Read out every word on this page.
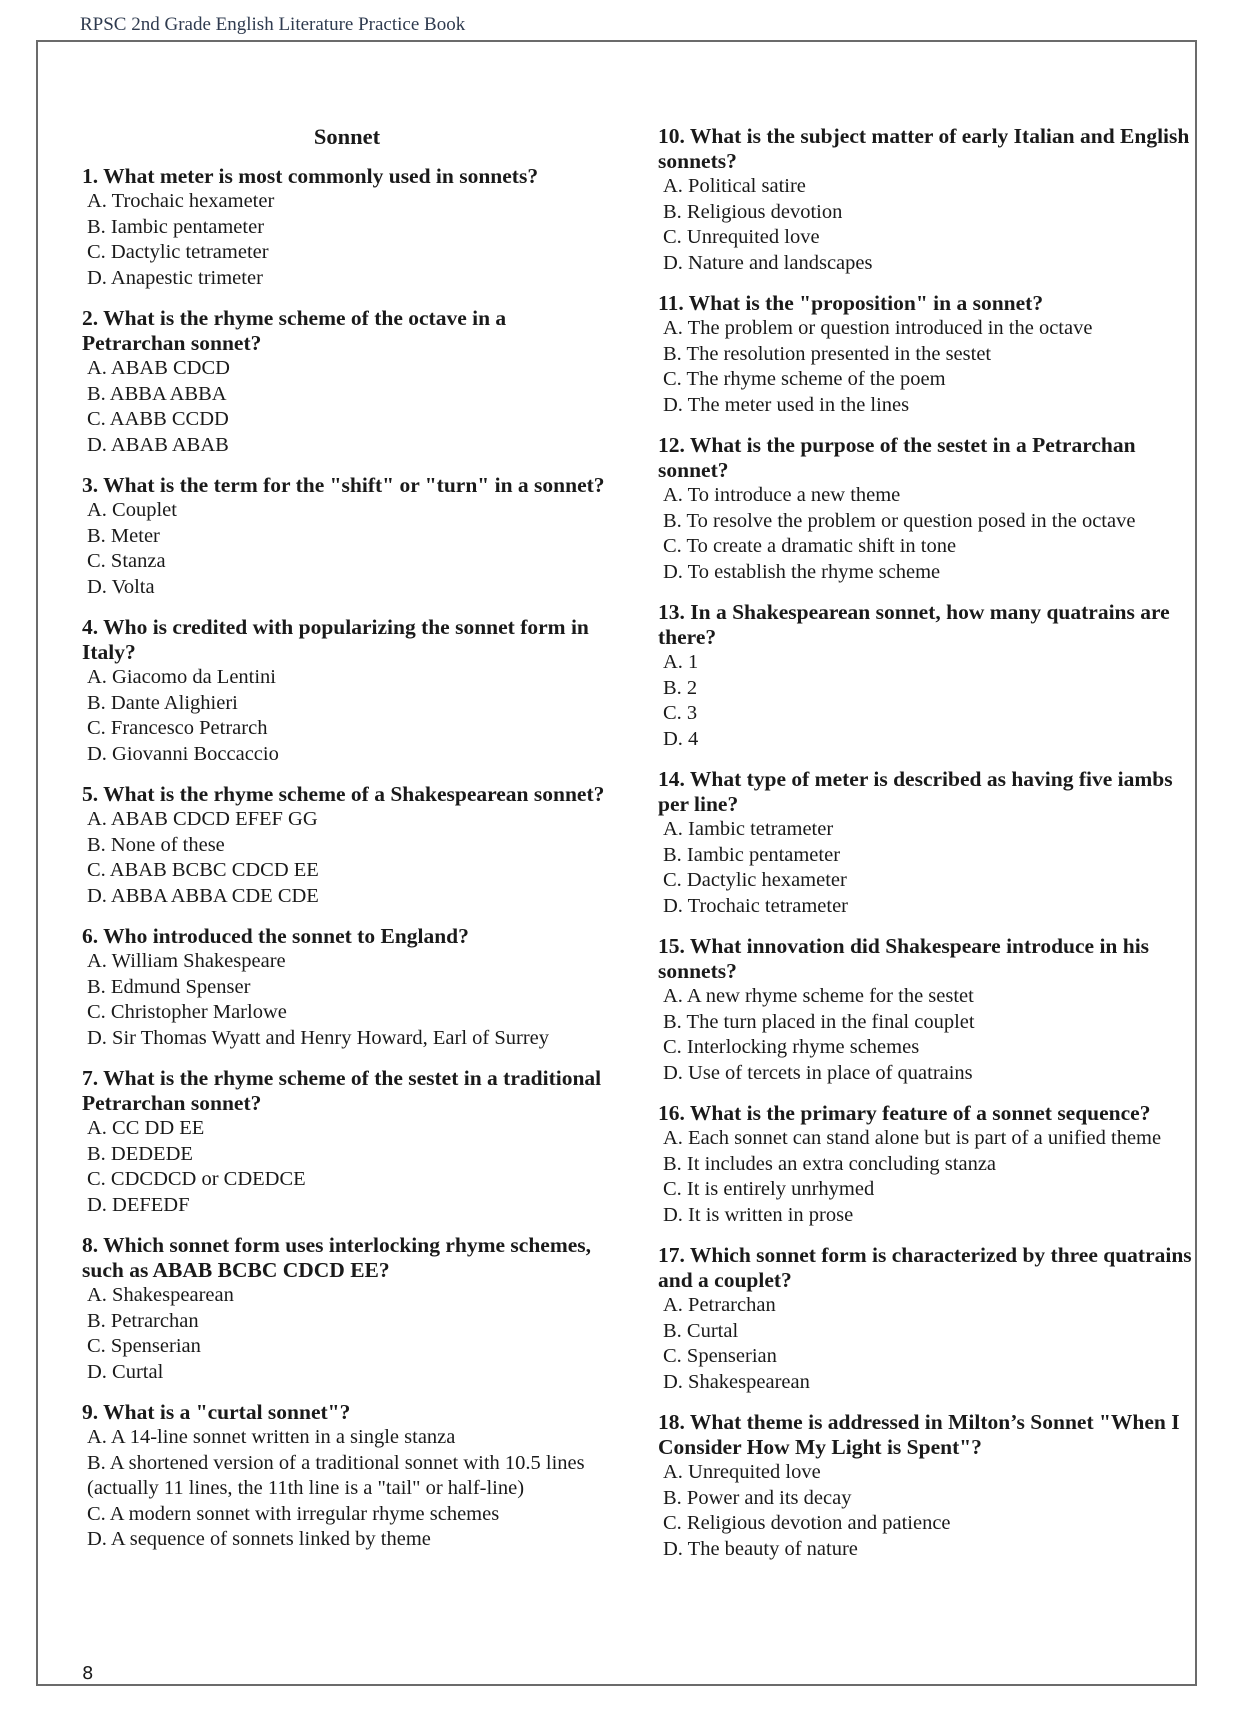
RPSC 2nd Grade English Literature Practice Book
Sonnet
1. What meter is most commonly used in sonnets?
A. Trochaic hexameter
B. Iambic pentameter
C. Dactylic tetrameter
D. Anapestic trimeter
2. What is the rhyme scheme of the octave in a Petrarchan sonnet?
A. ABAB CDCD
B. ABBA ABBA
C. AABB CCDD
D. ABAB ABAB
3. What is the term for the "shift" or "turn" in a sonnet?
A. Couplet
B. Meter
C. Stanza
D. Volta
4. Who is credited with popularizing the sonnet form in Italy?
A. Giacomo da Lentini
B. Dante Alighieri
C. Francesco Petrarch
D. Giovanni Boccaccio
5. What is the rhyme scheme of a Shakespearean sonnet?
A. ABAB CDCD EFEF GG
B. None of these
C. ABAB BCBC CDCD EE
D. ABBA ABBA CDE CDE
6. Who introduced the sonnet to England?
A. William Shakespeare
B. Edmund Spenser
C. Christopher Marlowe
D. Sir Thomas Wyatt and Henry Howard, Earl of Surrey
7. What is the rhyme scheme of the sestet in a traditional Petrarchan sonnet?
A. CC DD EE
B. DEDEDE
C. CDCDCD or CDEDCE
D. DEFEDF
8. Which sonnet form uses interlocking rhyme schemes, such as ABAB BCBC CDCD EE?
A. Shakespearean
B. Petrarchan
C. Spenserian
D. Curtal
9. What is a "curtal sonnet"?
A. A 14-line sonnet written in a single stanza
B. A shortened version of a traditional sonnet with 10.5 lines (actually 11 lines, the 11th line is a "tail" or half-line)
C. A modern sonnet with irregular rhyme schemes
D. A sequence of sonnets linked by theme
10. What is the subject matter of early Italian and English sonnets?
A. Political satire
B. Religious devotion
C. Unrequited love
D. Nature and landscapes
11. What is the "proposition" in a sonnet?
A. The problem or question introduced in the octave
B. The resolution presented in the sestet
C. The rhyme scheme of the poem
D. The meter used in the lines
12. What is the purpose of the sestet in a Petrarchan sonnet?
A. To introduce a new theme
B. To resolve the problem or question posed in the octave
C. To create a dramatic shift in tone
D. To establish the rhyme scheme
13. In a Shakespearean sonnet, how many quatrains are there?
A. 1
B. 2
C. 3
D. 4
14. What type of meter is described as having five iambs per line?
A. Iambic tetrameter
B. Iambic pentameter
C. Dactylic hexameter
D. Trochaic tetrameter
15. What innovation did Shakespeare introduce in his sonnets?
A. A new rhyme scheme for the sestet
B. The turn placed in the final couplet
C. Interlocking rhyme schemes
D. Use of tercets in place of quatrains
16. What is the primary feature of a sonnet sequence?
A. Each sonnet can stand alone but is part of a unified theme
B. It includes an extra concluding stanza
C. It is entirely unrhymed
D. It is written in prose
17. Which sonnet form is characterized by three quatrains and a couplet?
A. Petrarchan
B. Curtal
C. Spenserian
D. Shakespearean
18. What theme is addressed in Milton’s Sonnet "When I Consider How My Light is Spent"?
A. Unrequited love
B. Power and its decay
C. Religious devotion and patience
D. The beauty of nature
8
